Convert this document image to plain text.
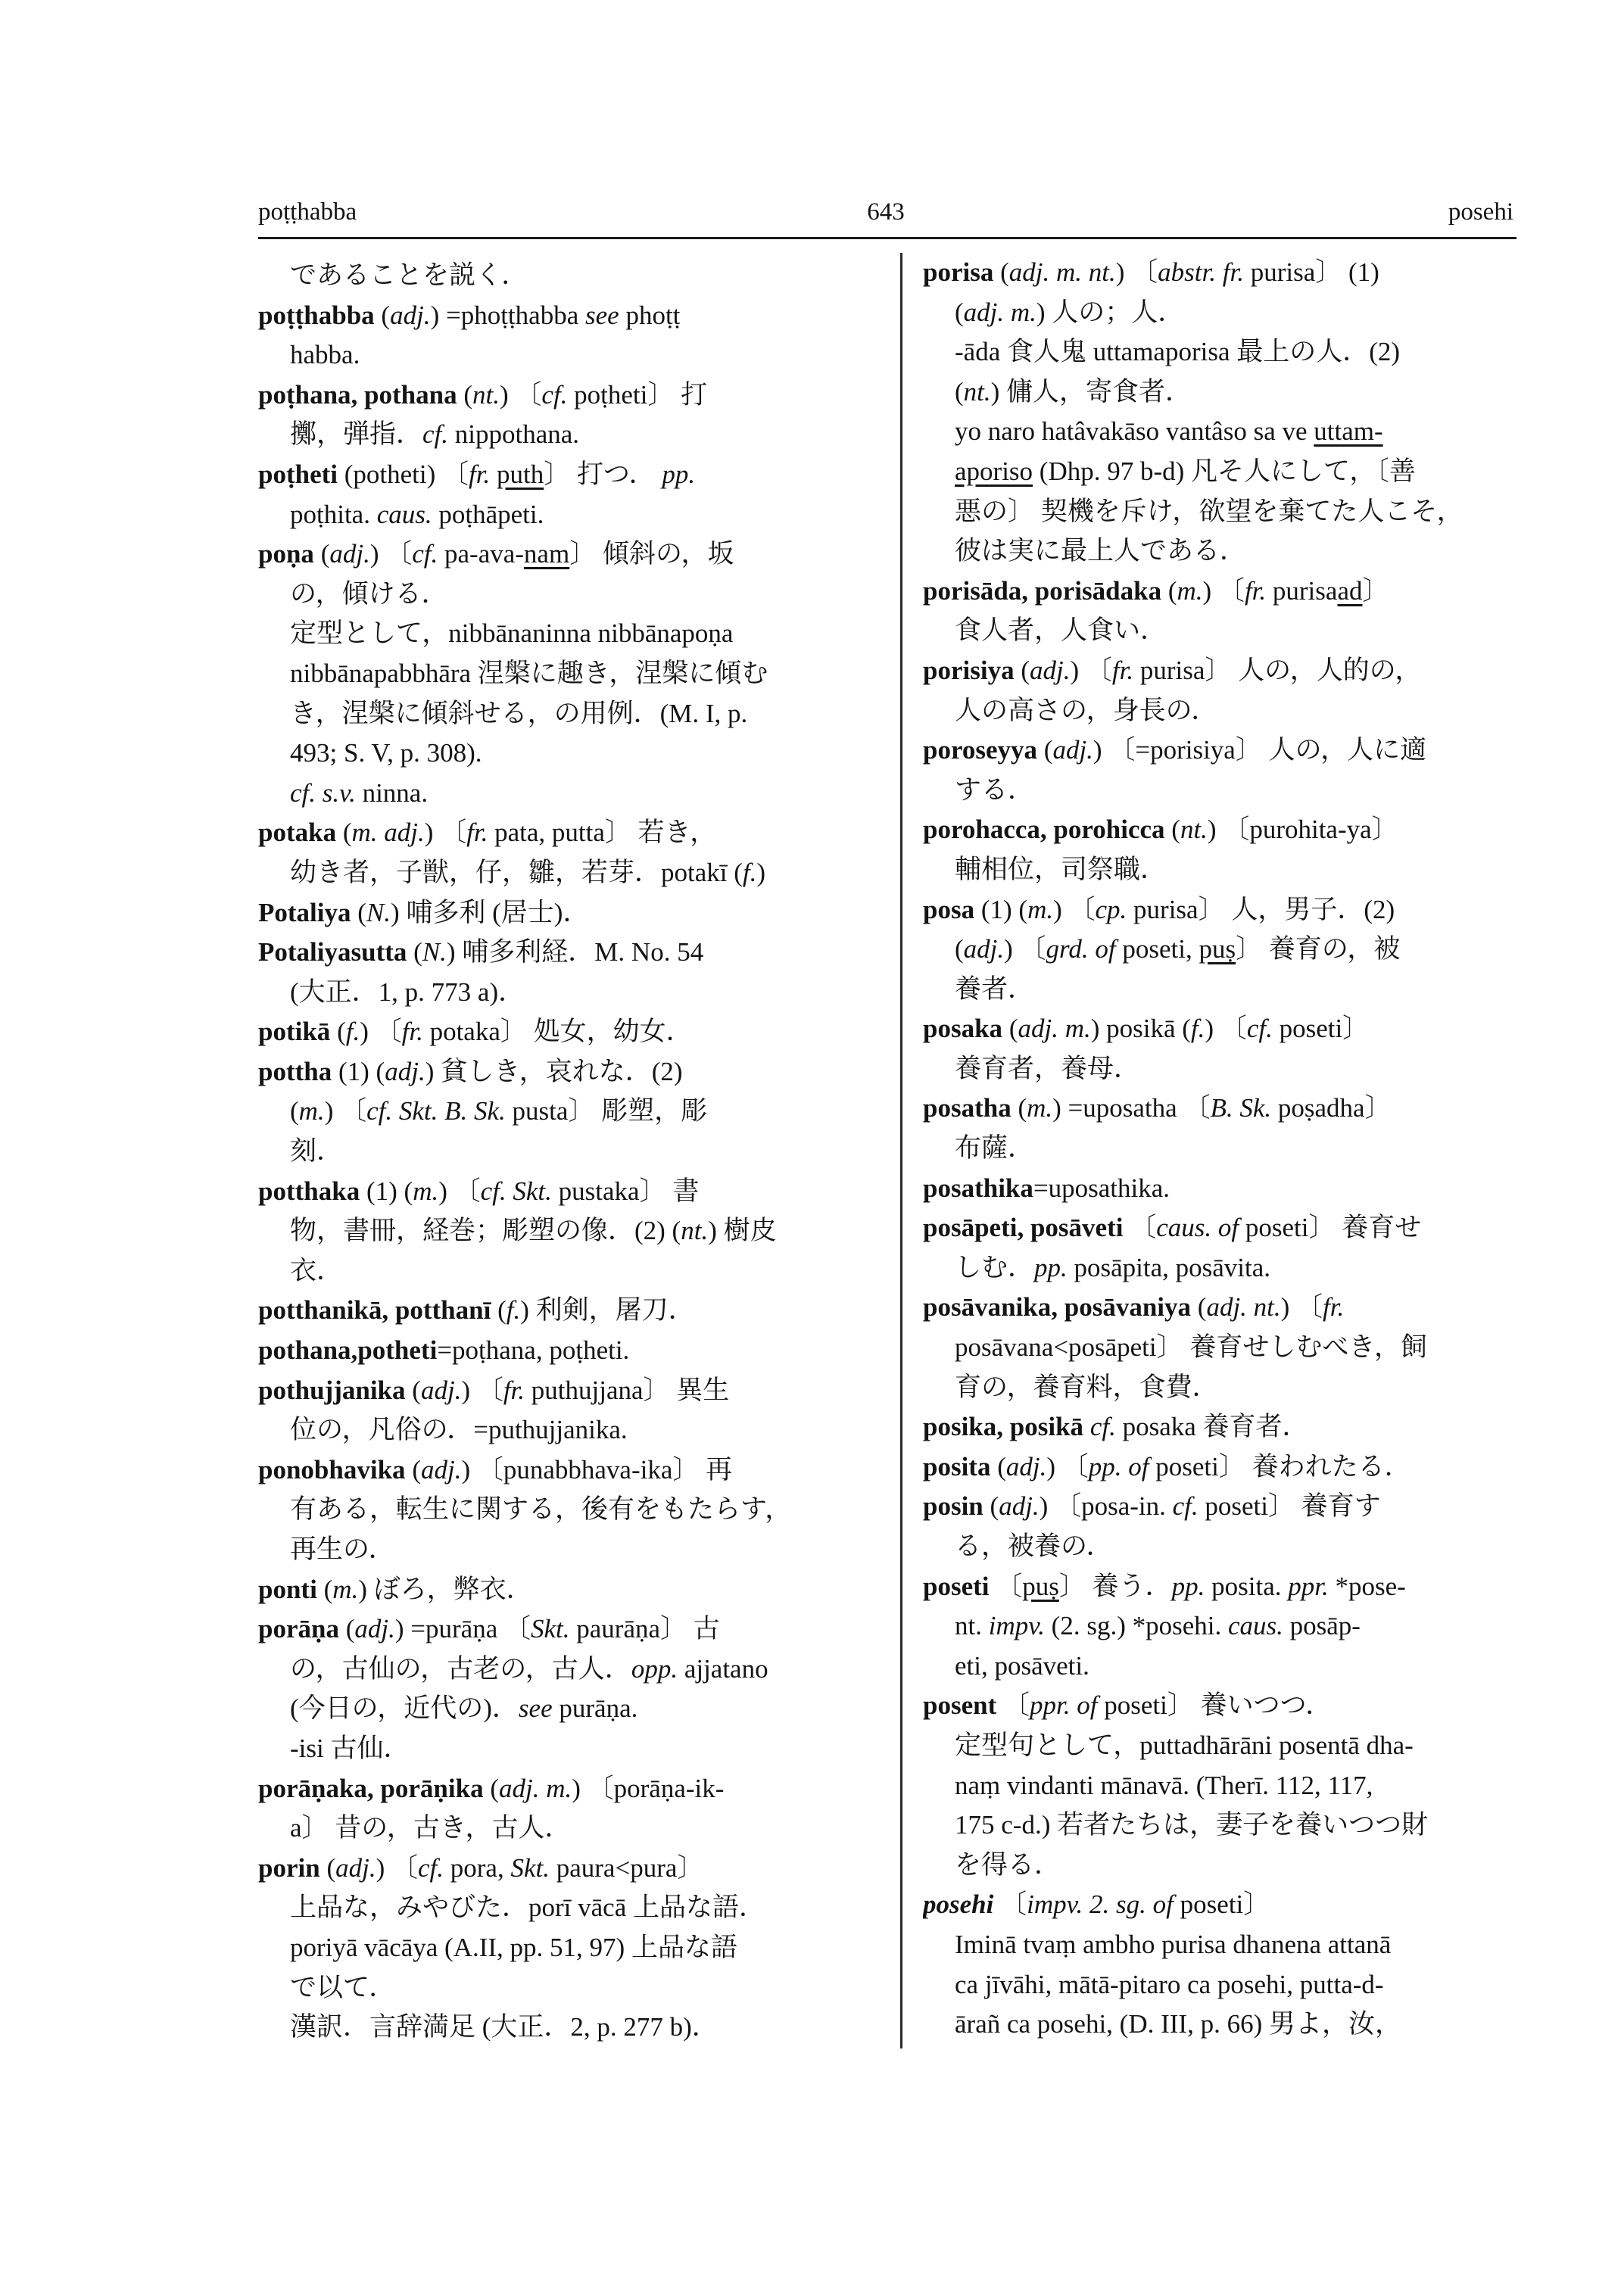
poṭṭhabba	643	posehi
であることを説く．
poṭṭhabba (adj.) =phoṭṭhabba see phoṭṭ
habba.
poṭhana, pothana (nt.) 〔cf. poṭheti〕 打
擲，弾指．cf. nippothana.
poṭheti (potheti) 〔fr. puth〕 打つ． pp.
poṭhita. caus. poṭhāpeti.
poṇa (adj.) 〔cf. pa-ava-nam〕 傾斜の，坂
の，傾ける．
定型として，nibbānaninna nibbānapoṇa
nibbānapabbhāra 涅槃に趣き，涅槃に傾む
き，涅槃に傾斜せる，の用例．(M. I, p.
493; S. V, p. 308).
cf. s.v. ninna.
potaka (m. adj.) 〔fr. pata, putta〕 若き，
幼き者，子獣，仔，雛，若芽．potakī (f.)
Potaliya (N.) 哺多利 (居士)．
Potaliyasutta (N.) 哺多利経．M. No. 54
(大正．1, p. 773 a)．
potikā (f.) 〔fr. potaka〕 処女，幼女．
pottha (1) (adj.) 貧しき，哀れな．(2)
(m.) 〔cf. Skt. B. Sk. pusta〕 彫塑，彫
刻．
potthaka (1) (m.) 〔cf. Skt. pustaka〕 書
物，書冊，経巻；彫塑の像．(2) (nt.) 樹皮
衣．
potthanikā, potthanī (f.) 利剣，屠刀．
pothana,potheti=poṭhana, poṭheti.
pothujjanika (adj.) 〔fr. puthujjana〕 異生
位の，凡俗の．=puthujjanika.
ponobhavika (adj.) 〔punabbhava-ika〕 再
有ある，転生に関する，後有をもたらす，
再生の．
ponti (m.) ぼろ，弊衣．
porāṇa (adj.) =purāṇa 〔Skt. paurāṇa〕 古
の，古仙の，古老の，古人．opp. ajjatano
(今日の，近代の)．see purāṇa.
-isi 古仙．
porāṇaka, porāṇika (adj. m.) 〔porāṇa-ik-
a〕 昔の，古き，古人．
porin (adj.) 〔cf. pora, Skt. paura<pura〕
上品な，みやびた．porī vācā 上品な語．
poriyā vācāya (A.II, pp. 51, 97) 上品な語
で以て．
漢訳．言辞満足 (大正．2, p. 277 b)．
porisa (adj. m. nt.) 〔abstr. fr. purisa〕 (1)
(adj. m.) 人の；人．
-āda 食人鬼 uttamaporisa 最上の人．(2)
(nt.) 傭人，寄食者．
yo naro hatâvakāso vantâso sa ve uttam-
aporiso (Dhp. 97 b-d) 凡そ人にして，〔善
悪の〕 契機を斥け，欲望を棄てた人こそ，
彼は実に最上人である．
porisāda, porisādaka (m.) 〔fr. purisaad〕
食人者，人食い．
porisiya (adj.) 〔fr. purisa〕 人の，人的の，
人の高さの，身長の．
poroseyya (adj.) 〔=porisiya〕 人の，人に適
する．
porohacca, porohicca (nt.) 〔purohita-ya〕
輔相位，司祭職．
posa (1) (m.) 〔cp. purisa〕 人，男子．(2)
(adj.) 〔grd. of poseti, puṣ〕 養育の，被
養者．
posaka (adj. m.) posikā (f.) 〔cf. poseti〕
養育者，養母．
posatha (m.) =uposatha 〔B. Sk. poṣadha〕
布薩．
posathika=uposathika.
posāpeti, posāveti 〔caus. of poseti〕 養育せ
しむ．pp. posāpita, posāvita.
posāvanika, posāvaniya (adj. nt.) 〔fr.
posāvana<posāpeti〕 養育せしむべき，飼
育の，養育料，食費．
posika, posikā cf. posaka 養育者．
posita (adj.) 〔pp. of poseti〕 養われたる．
posin (adj.) 〔posa-in. cf. poseti〕 養育す
る，被養の．
poseti 〔puṣ〕 養う．pp. posita. ppr. *pose-
nt. impv. (2. sg.) *posehi. caus. posāp-
eti, posāveti.
posent 〔ppr. of poseti〕 養いつつ．
定型句として，puttadhārāni posentā dha-
naṃ vindanti mānavā. (Therī. 112, 117,
175 c-d.) 若者たちは，妻子を養いつつ財
を得る．
posehi 〔impv. 2. sg. of poseti〕
Iminā tvaṃ ambho purisa dhanena attanā
ca jīvāhi, mātā-pitaro ca posehi, putta-d-
ārañ ca posehi, (D. III, p. 66) 男よ，汝，
